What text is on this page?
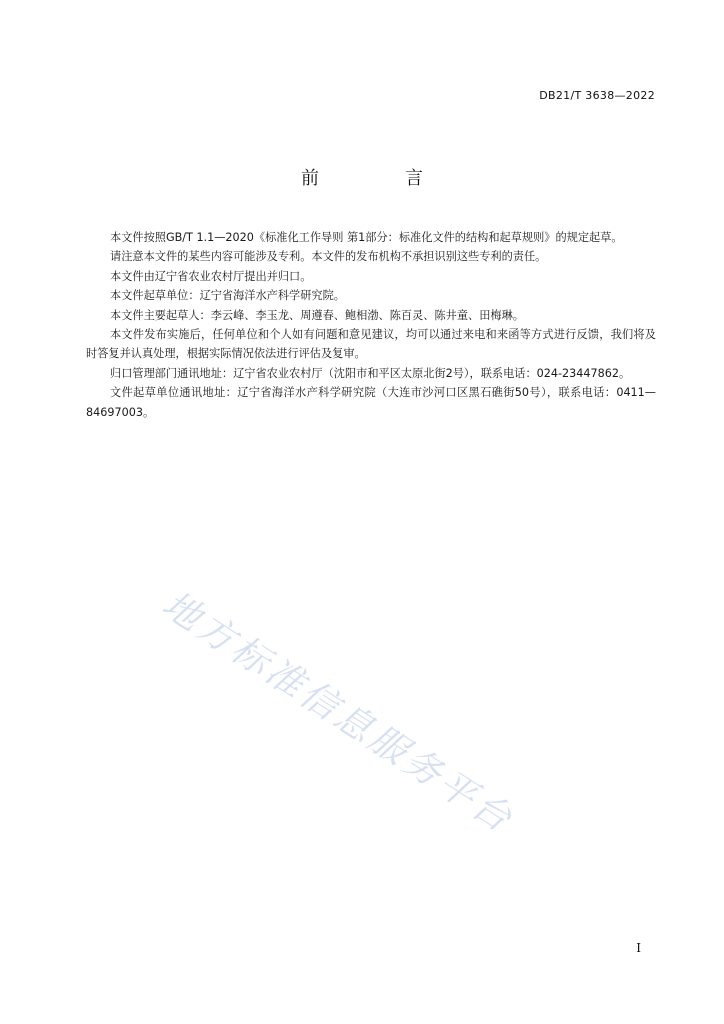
DB21/T 3638—2022
前　言

本文件按照GB/T 1.1—2020《标准化工作导则 第1部分：标准化文件的结构和起草规则》的规定起草。

请注意本文件的某些内容可能涉及专利。本文件的发布机构不承担识别这些专利的责任。

本文件由辽宁省农业农村厅提出并归口。

本文件起草单位：辽宁省海洋水产科学研究院。

本文件主要起草人：李云峰、李玉龙、周遵春、鲍相渤、陈百灵、陈井童、田梅琳。

本文件发布实施后，任何单位和个人如有问题和意见建议，均可以通过来电和来函等方式进行反馈，我们将及时答复并认真处理，根据实际情况依法进行评估及复审。

归口管理部门通讯地址：辽宁省农业农村厅（沈阳市和平区太原北街2号），联系电话：024-23447862。

文件起草单位通讯地址：辽宁省海洋水产科学研究院（大连市沙河口区黑石礁街50号），联系电话：0411—84697003。

地方标准信息服务平台
I
